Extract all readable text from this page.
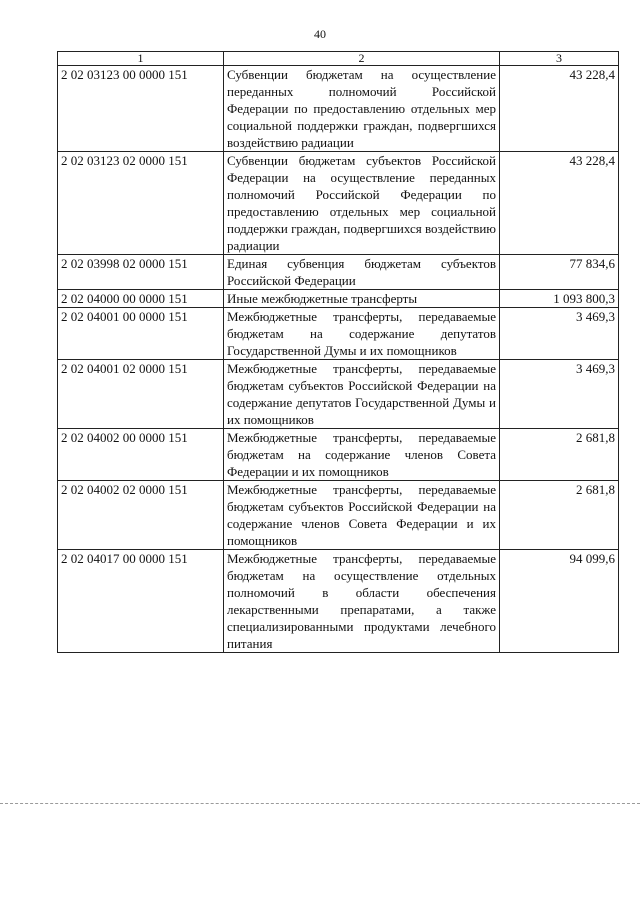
40
1	2	3
2 02 03123 00 0000 151	Субвенции бюджетам на осуществление переданных полномочий Российской Федерации по предоставлению отдельных мер социальной поддержки граждан, подвергшихся воздействию радиации	43 228,4
2 02 03123 02 0000 151	Субвенции бюджетам субъектов Российской Федерации на осуществление переданных полномочий Российской Федерации по предоставлению отдельных мер социальной поддержки граждан, подвергшихся воздействию радиации	43 228,4
2 02 03998 02 0000 151	Единая субвенция бюджетам субъектов Российской Федерации	77 834,6
2 02 04000 00 0000 151	Иные межбюджетные трансферты	1 093 800,3
2 02 04001 00 0000 151	Межбюджетные трансферты, передаваемые бюджетам на содержание депутатов Государственной Думы и их помощников	3 469,3
2 02 04001 02 0000 151	Межбюджетные трансферты, передаваемые бюджетам субъектов Российской Федерации на содержание депутатов Государственной Думы и их помощников	3 469,3
2 02 04002 00 0000 151	Межбюджетные трансферты, передаваемые бюджетам на содержание членов Совета Федерации и их помощников	2 681,8
2 02 04002 02 0000 151	Межбюджетные трансферты, передаваемые бюджетам субъектов Российской Федерации на содержание членов Совета Федерации и их помощников	2 681,8
2 02 04017 00 0000 151	Межбюджетные трансферты, передаваемые бюджетам на осуществление отдельных полномочий в области обеспечения лекарственными препаратами, а также специализированными продуктами лечебного питания	94 099,6
